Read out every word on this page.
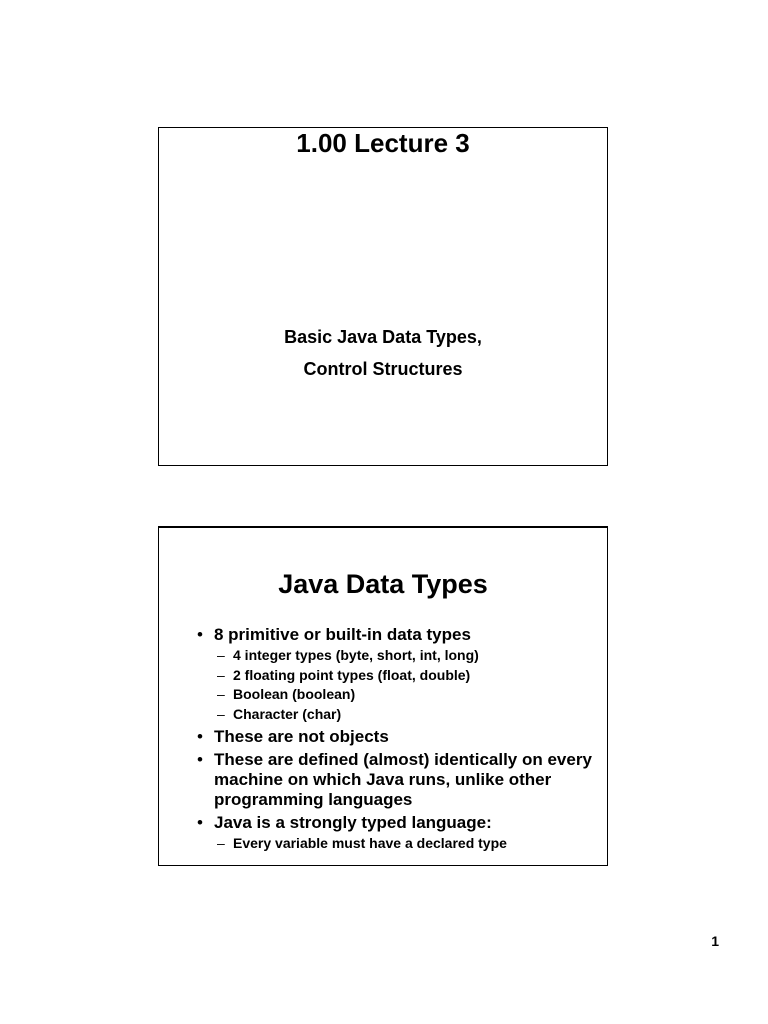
1.00 Lecture 3
Basic Java Data Types,
Control Structures
Java Data Types
• 8 primitive or built-in data types
– 4 integer types (byte, short, int, long)
– 2 floating point types (float, double)
– Boolean (boolean)
– Character (char)
• These are not objects
• These are defined (almost) identically on every machine on which Java runs, unlike other programming languages
• Java is a strongly typed language:
– Every variable must have a declared type
1
